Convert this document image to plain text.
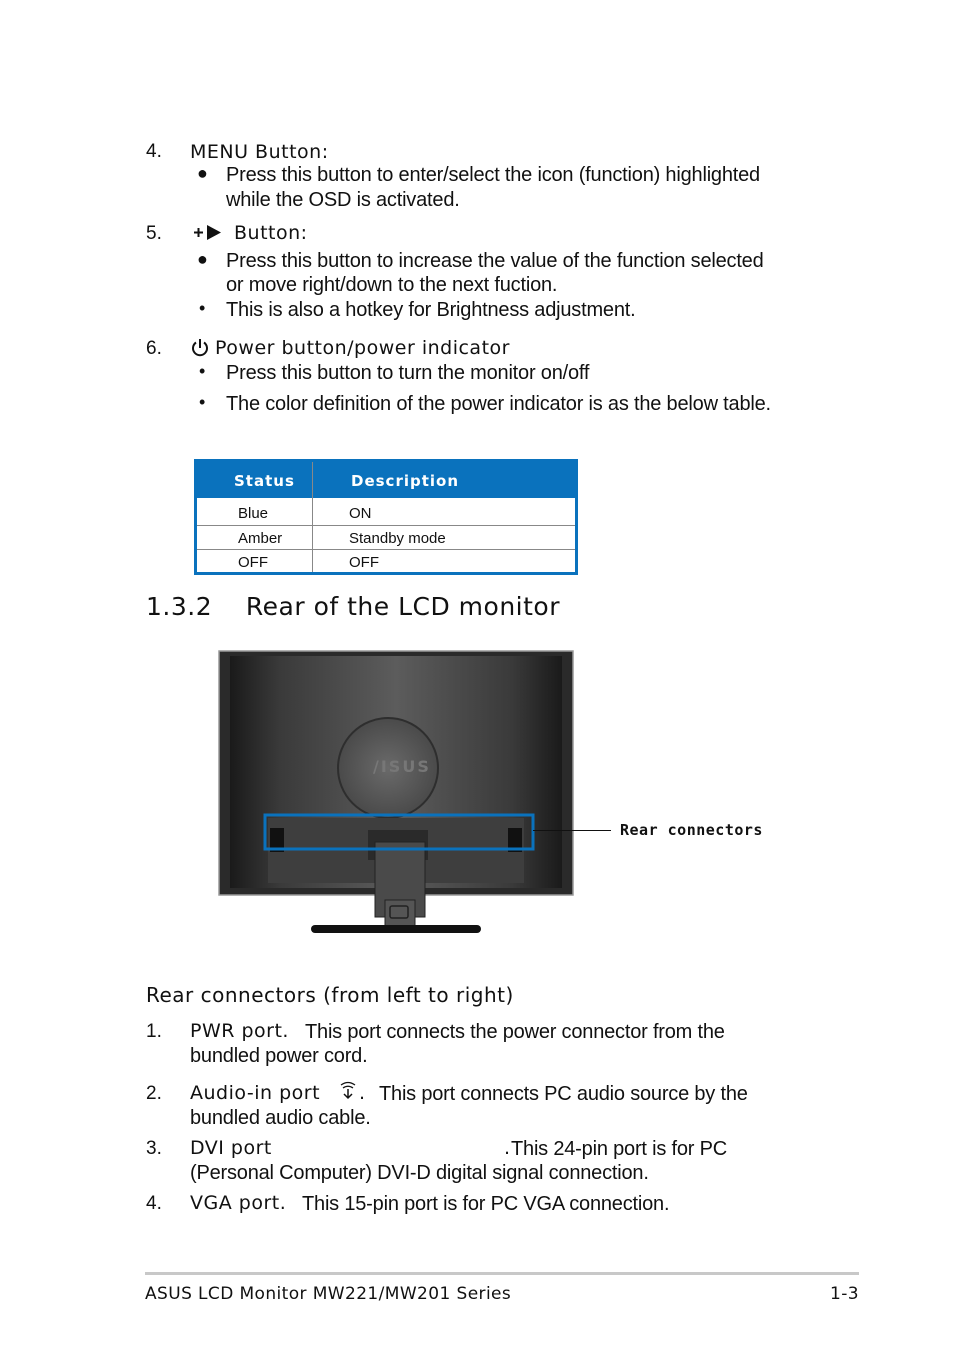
4. MENU Button:
● Press this button to enter/select the icon (function) highlighted
while the OSD is activated.
5.	Button:
● Press this button to increase the value of the function selected
or move right/down to the next fuction.
• This is also a hotkey for Brightness adjustment.
6.	Power button/power indicator
• Press this button to turn the monitor on/off
• The color definition of the power indicator is as the below table.
Status	Description
Blue	ON
Amber	Standby mode
OFF	OFF
1.3.2    Rear of the LCD monitor
/ISUS
Rear connectors
Rear connectors (from left to right)
1. PWR port. This port connects the power connector from the
bundled power cord.
2. Audio-in port . This port connects PC audio source by the
bundled audio cable.
3. DVI port	. This 24-pin port is for PC
(Personal Computer) DVI-D digital signal connection.
4. VGA port. This 15-pin port is for PC VGA connection.
ASUS LCD Monitor MW221/MW201 Series	1-3
